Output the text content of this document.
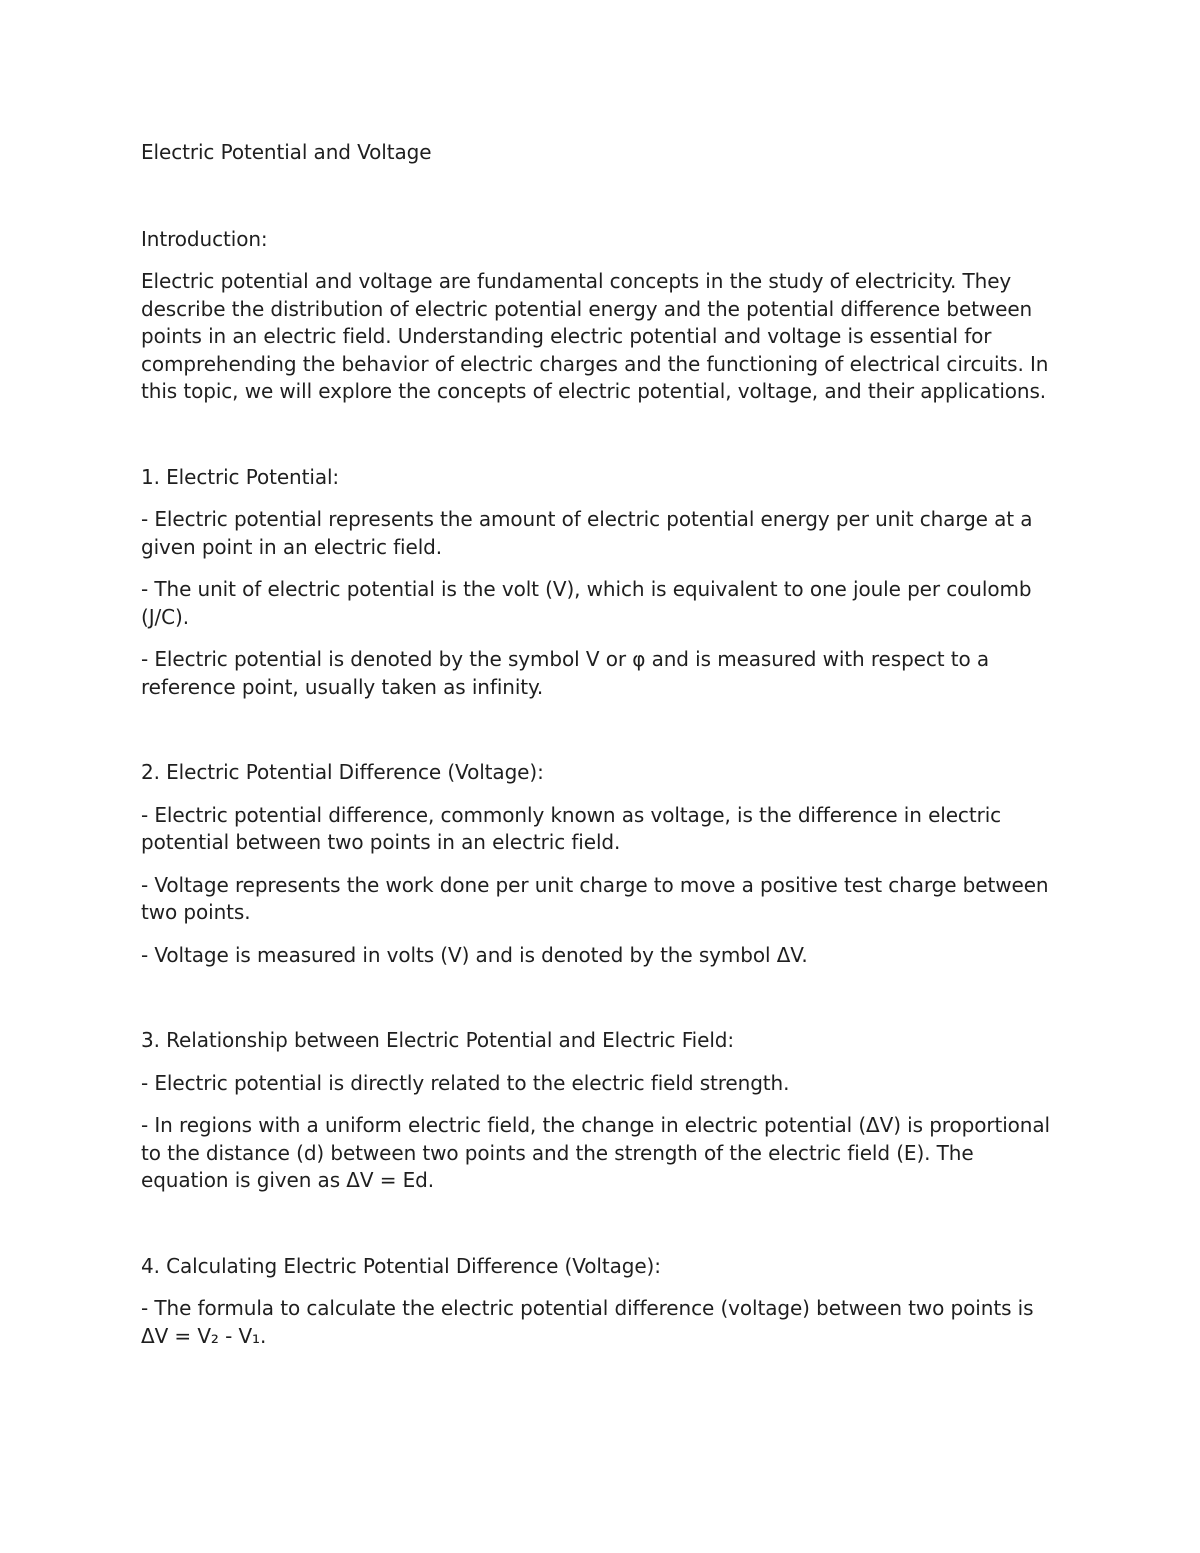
Electric Potential and Voltage

Introduction:

Electric potential and voltage are fundamental concepts in the study of electricity. They describe the distribution of electric potential energy and the potential difference between points in an electric field. Understanding electric potential and voltage is essential for comprehending the behavior of electric charges and the functioning of electrical circuits. In this topic, we will explore the concepts of electric potential, voltage, and their applications.

1. Electric Potential:

- Electric potential represents the amount of electric potential energy per unit charge at a given point in an electric field.

- The unit of electric potential is the volt (V), which is equivalent to one joule per coulomb (J/C).

- Electric potential is denoted by the symbol V or φ and is measured with respect to a reference point, usually taken as infinity.

2. Electric Potential Difference (Voltage):

- Electric potential difference, commonly known as voltage, is the difference in electric potential between two points in an electric field.

- Voltage represents the work done per unit charge to move a positive test charge between two points.

- Voltage is measured in volts (V) and is denoted by the symbol ΔV.

3. Relationship between Electric Potential and Electric Field:

- Electric potential is directly related to the electric field strength.

- In regions with a uniform electric field, the change in electric potential (ΔV) is proportional to the distance (d) between two points and the strength of the electric field (E). The equation is given as ΔV = Ed.

4. Calculating Electric Potential Difference (Voltage):

- The formula to calculate the electric potential difference (voltage) between two points is ΔV = V₂ - V₁.
